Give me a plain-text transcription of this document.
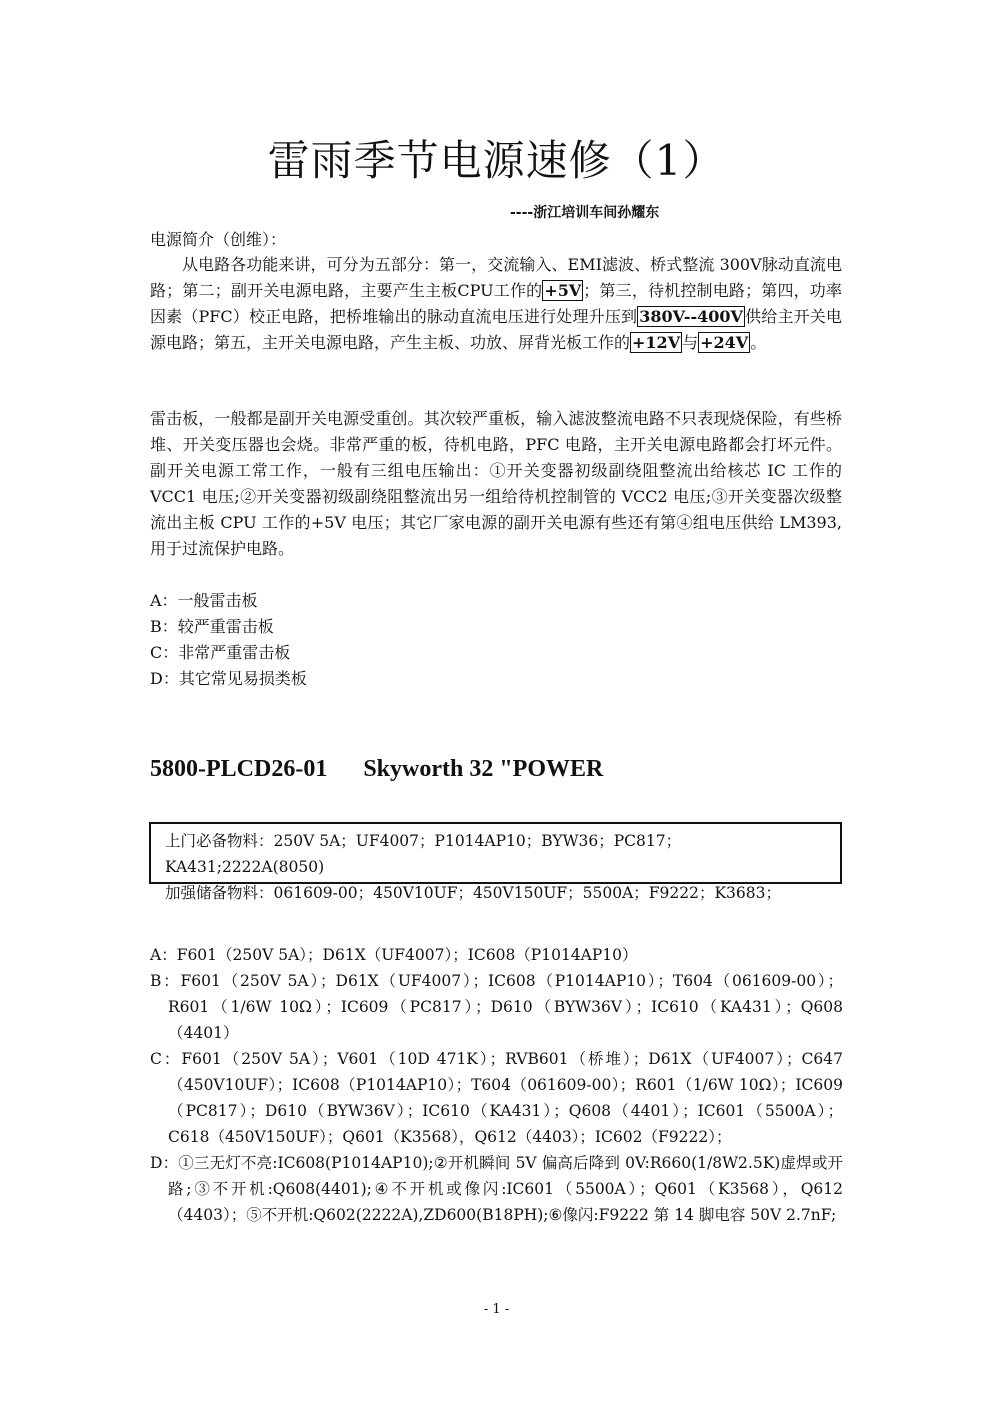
雷雨季节电源速修（1）
----浙江培训车间孙耀东
电源简介（创维）：
从电路各功能来讲，可分为五部分：第一，交流输入、EMI滤波、桥式整流 300V脉动直流电路；第二；副开关电源电路，主要产生主板CPU工作的 +5V ；第三，待机控制电路；第四，功率因素（PFC）校正电路，把桥堆输出的脉动直流电压进行处理升压到 380V--400V 供给主开关电源电路；第五，主开关电源电路，产生主板、功放、屏背光板工作的 +12V 与 +24V 。
雷击板，一般都是副开关电源受重创。其次较严重板，输入滤波整流电路不只表现烧保险，有些桥堆、开关变压器也会烧。非常严重的板，待机电路，PFC 电路，主开关电源电路都会打坏元件。副开关电源工常工作，一般有三组电压输出：①开关变器初级副绕阻整流出给核芯 IC 工作的 VCC1 电压;②开关变器初级副绕阻整流出另一组给待机控制管的 VCC2 电压;③开关变器次级整流出主板 CPU 工作的+5V 电压；其它厂家电源的副开关电源有些还有第④组电压供给 LM393,用于过流保护电路。
A：一般雷击板
B：较严重雷击板
C：非常严重雷击板
D：其它常见易损类板
5800-PLCD26-01      Skyworth 32 "POWER
上门必备物料：250V 5A；UF4007；P1014AP10；BYW36；PC817；KA431;2222A(8050)
加强储备物料：061609-00；450V10UF；450V150UF；5500A；F9222；K3683；
A：F601（250V 5A）；D61X（UF4007）；IC608（P1014AP10）
B：F601（250V 5A）；D61X（UF4007）；IC608（P1014AP10）；T604（061609-00）；R601（1/6W 10Ω）；IC609（PC817）；D610（BYW36V）；IC610（KA431）；Q608（4401）
C：F601（250V 5A）；V601（10D 471K）；RVB601（桥堆）；D61X（UF4007）；C647（450V10UF）；IC608（P1014AP10）；T604（061609-00）；R601（1/6W 10Ω）；IC609（PC817）；D610（BYW36V）；IC610（KA431）；Q608（4401）；IC601（5500A）；C618（450V150UF）；Q601（K3568），Q612（4403）；IC602（F9222）；
D：①三无灯不亮:IC608(P1014AP10);②开机瞬间 5V 偏高后降到 0V:R660(1/8W2.5K)虚焊或开路;③不开机:Q608(4401);④不开机或像闪:IC601（5500A）；Q601（K3568），Q612（4403）；⑤不开机:Q602(2222A),ZD600(B18PH);⑥像闪:F9222 第 14 脚电容 50V 2.7nF;
- 1 -
